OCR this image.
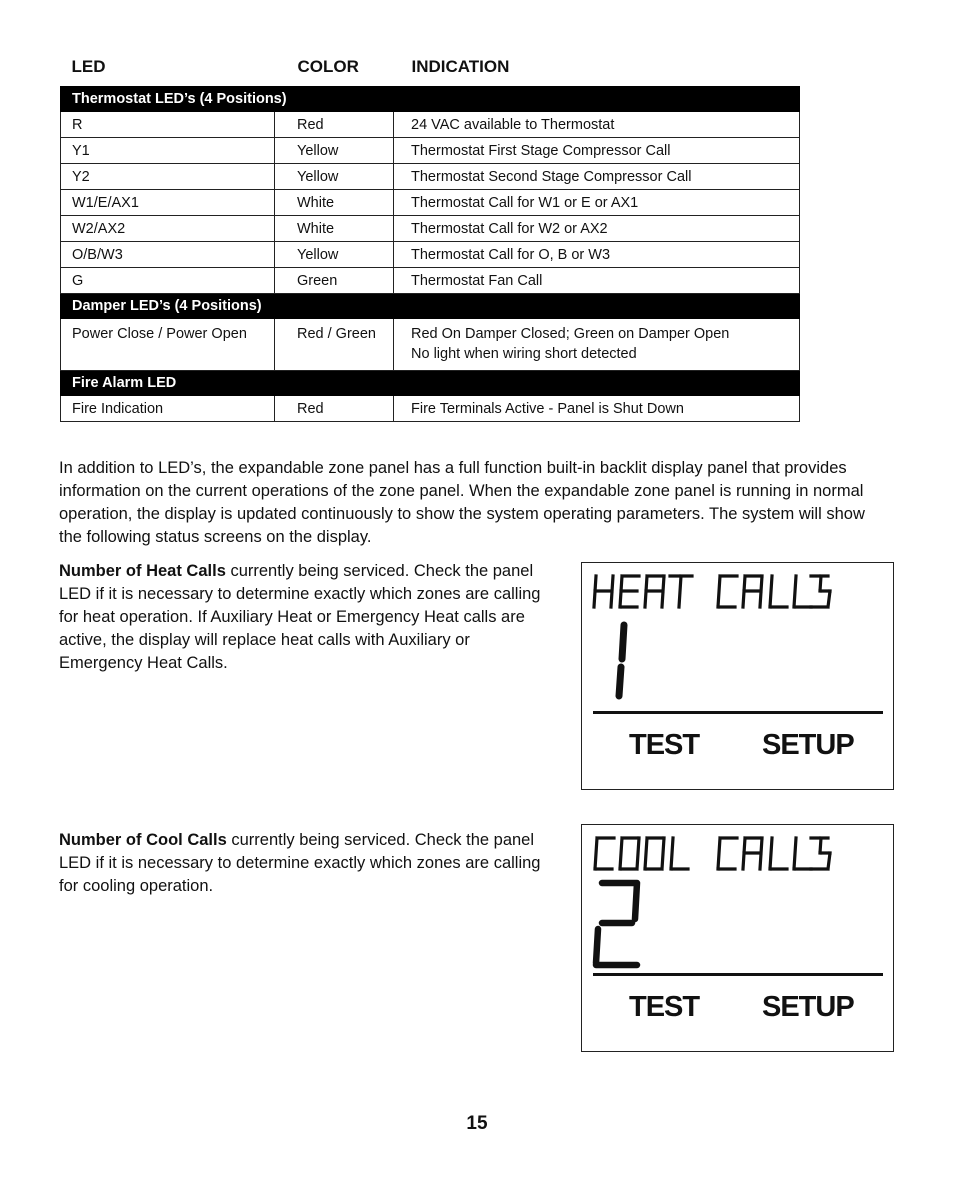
LED	COLOR	INDICATION
Thermostat LED’s (4 Positions)		
R	Red	24 VAC available to Thermostat
Y1	Yellow	Thermostat First Stage Compressor Call
Y2	Yellow	Thermostat Second Stage Compressor Call
W1/E/AX1	White	Thermostat Call for W1 or E or AX1
W2/AX2	White	Thermostat Call for W2 or AX2
O/B/W3	Yellow	Thermostat Call for O, B or W3
G	Green	Thermostat Fan Call
Damper LED’s (4 Positions)		
Power Close / Power Open	Red / Green	Red On Damper Closed; Green on Damper Open
No light when wiring short detected

Fire Alarm LED		
Fire Indication	Red	Fire Terminals Active - Panel is Shut Down

In addition to LED’s, the expandable zone panel has a full function built-in backlit display panel that provides information on the current operations of the zone panel. When the expandable zone panel is running in normal operation, the display is updated continuously to show the system operating parameters. The system will show the following status screens on the display.

Number of Heat Calls currently being serviced. Check the panel LED if it is necessary to determine exactly which zones are calling for heat operation. If Auxiliary Heat or Emergency Heat calls are active, the display will replace heat calls with Auxiliary or Emergency Heat Calls.

Number of Cool Calls currently being serviced. Check the panel LED if it is necessary to determine exactly which zones are calling for cooling operation.

TEST SETUP
TEST SETUP
15
